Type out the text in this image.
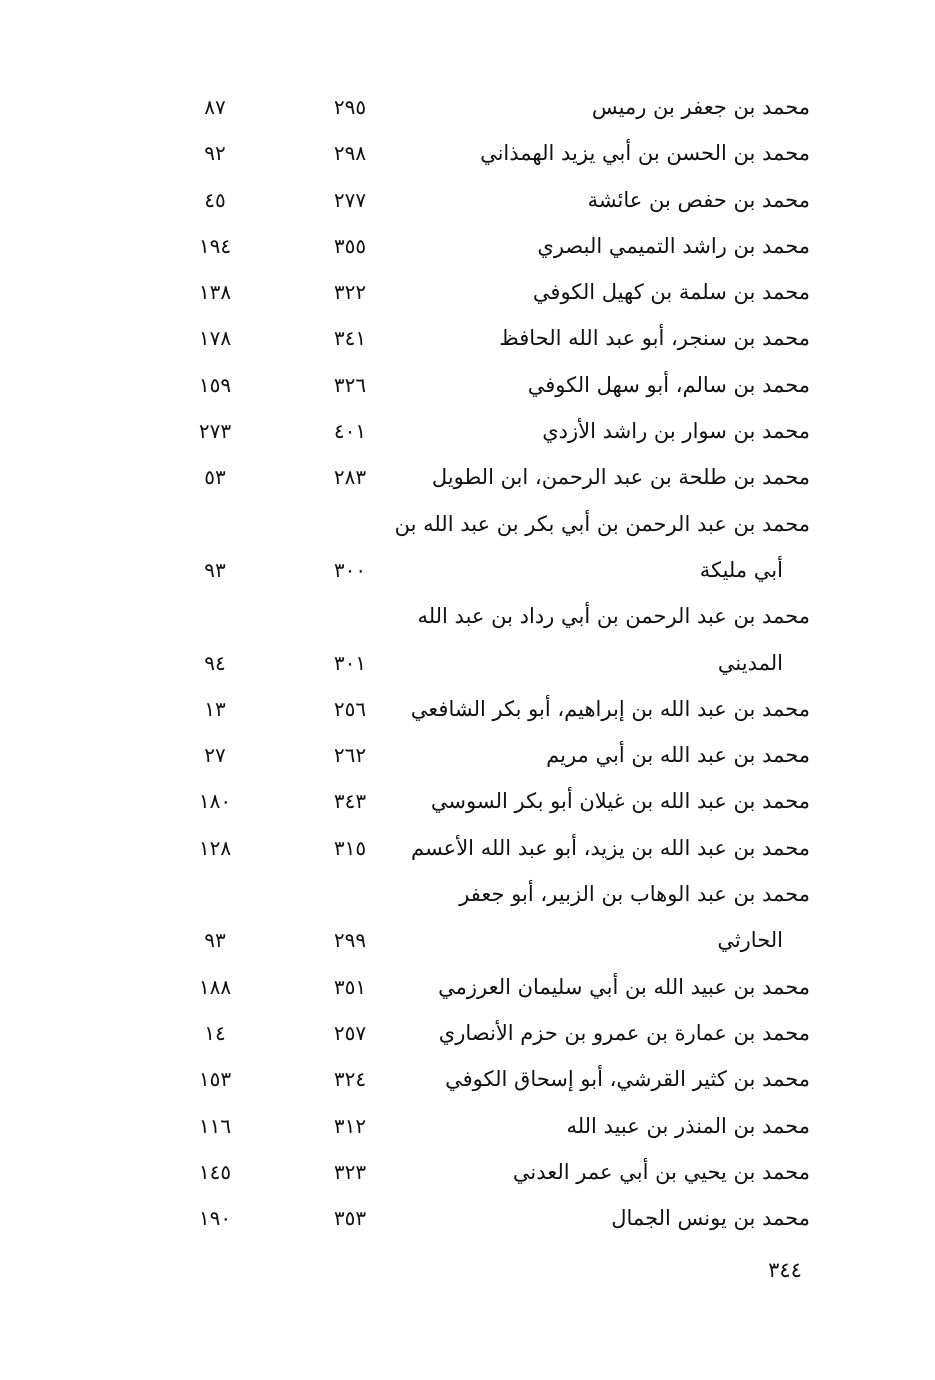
محمد بن جعفر بن رميس
٢٩٥
٨٧
محمد بن الحسن بن أبي يزيد الهمذاني
٢٩٨
٩٢
محمد بن حفص بن عائشة
٢٧٧
٤٥
محمد بن راشد التميمي البصري
٣٥٥
١٩٤
محمد بن سلمة بن كهيل الكوفي
٣٢٢
١٣٨
محمد بن سنجر، أبو عبد الله الحافظ
٣٤١
١٧٨
محمد بن سالم، أبو سهل الكوفي
٣٢٦
١٥٩
محمد بن سوار بن راشد الأزدي
٤٠١
٢٧٣
محمد بن طلحة بن عبد الرحمن، ابن الطويل
٢٨٣
٥٣
محمد بن عبد الرحمن بن أبي بكر بن عبد الله بن
أبي مليكة
٣٠٠
٩٣
محمد بن عبد الرحمن بن أبي رداد بن عبد الله
المديني
٣٠١
٩٤
محمد بن عبد الله بن إبراهيم، أبو بكر الشافعي
٢٥٦
١٣
محمد بن عبد الله بن أبي مريم
٢٦٢
٢٧
محمد بن عبد الله بن غيلان أبو بكر السوسي
٣٤٣
١٨٠
محمد بن عبد الله بن يزيد، أبو عبد الله الأعسم
٣١٥
١٢٨
محمد بن عبد الوهاب بن الزبير، أبو جعفر
الحارثي
٢٩٩
٩٣
محمد بن عبيد الله بن أبي سليمان العرزمي
٣٥١
١٨٨
محمد بن عمارة بن عمرو بن حزم الأنصاري
٢٥٧
١٤
محمد بن كثير القرشي، أبو إسحاق الكوفي
٣٢٤
١٥٣
محمد بن المنذر بن عبيد الله
٣١٢
١١٦
محمد بن يحيي بن أبي عمر العدني
٣٢٣
١٤٥
محمد بن يونس الجمال
٣٥٣
١٩٠
٣٤٤
